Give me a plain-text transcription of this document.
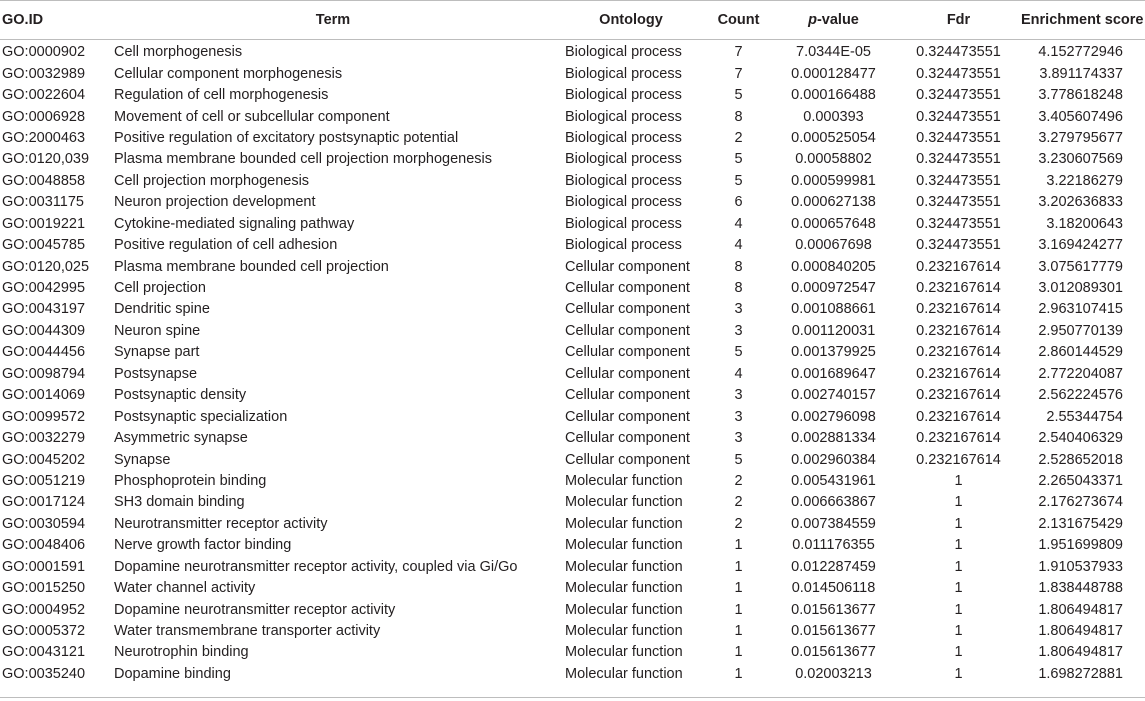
GO.ID	Term	Ontology	Count	p-value	Fdr	Enrichment score
GO:0000902	Cell morphogenesis	Biological process	7	7.0344E-05	0.324473551	4.152772946
GO:0032989	Cellular component morphogenesis	Biological process	7	0.000128477	0.324473551	3.891174337
GO:0022604	Regulation of cell morphogenesis	Biological process	5	0.000166488	0.324473551	3.778618248
GO:0006928	Movement of cell or subcellular component	Biological process	8	0.000393	0.324473551	3.405607496
GO:2000463	Positive regulation of excitatory postsynaptic potential	Biological process	2	0.000525054	0.324473551	3.279795677
GO:0120,039	Plasma membrane bounded cell projection morphogenesis	Biological process	5	0.00058802	0.324473551	3.230607569
GO:0048858	Cell projection morphogenesis	Biological process	5	0.000599981	0.324473551	3.22186279
GO:0031175	Neuron projection development	Biological process	6	0.000627138	0.324473551	3.202636833
GO:0019221	Cytokine-mediated signaling pathway	Biological process	4	0.000657648	0.324473551	3.18200643
GO:0045785	Positive regulation of cell adhesion	Biological process	4	0.00067698	0.324473551	3.169424277
GO:0120,025	Plasma membrane bounded cell projection	Cellular component	8	0.000840205	0.232167614	3.075617779
GO:0042995	Cell projection	Cellular component	8	0.000972547	0.232167614	3.012089301
GO:0043197	Dendritic spine	Cellular component	3	0.001088661	0.232167614	2.963107415
GO:0044309	Neuron spine	Cellular component	3	0.001120031	0.232167614	2.950770139
GO:0044456	Synapse part	Cellular component	5	0.001379925	0.232167614	2.860144529
GO:0098794	Postsynapse	Cellular component	4	0.001689647	0.232167614	2.772204087
GO:0014069	Postsynaptic density	Cellular component	3	0.002740157	0.232167614	2.562224576
GO:0099572	Postsynaptic specialization	Cellular component	3	0.002796098	0.232167614	2.55344754
GO:0032279	Asymmetric synapse	Cellular component	3	0.002881334	0.232167614	2.540406329
GO:0045202	Synapse	Cellular component	5	0.002960384	0.232167614	2.528652018
GO:0051219	Phosphoprotein binding	Molecular function	2	0.005431961	1	2.265043371
GO:0017124	SH3 domain binding	Molecular function	2	0.006663867	1	2.176273674
GO:0030594	Neurotransmitter receptor activity	Molecular function	2	0.007384559	1	2.131675429
GO:0048406	Nerve growth factor binding	Molecular function	1	0.011176355	1	1.951699809
GO:0001591	Dopamine neurotransmitter receptor activity, coupled via Gi/Go	Molecular function	1	0.012287459	1	1.910537933
GO:0015250	Water channel activity	Molecular function	1	0.014506118	1	1.838448788
GO:0004952	Dopamine neurotransmitter receptor activity	Molecular function	1	0.015613677	1	1.806494817
GO:0005372	Water transmembrane transporter activity	Molecular function	1	0.015613677	1	1.806494817
GO:0043121	Neurotrophin binding	Molecular function	1	0.015613677	1	1.806494817
GO:0035240	Dopamine binding	Molecular function	1	0.02003213	1	1.698272881
